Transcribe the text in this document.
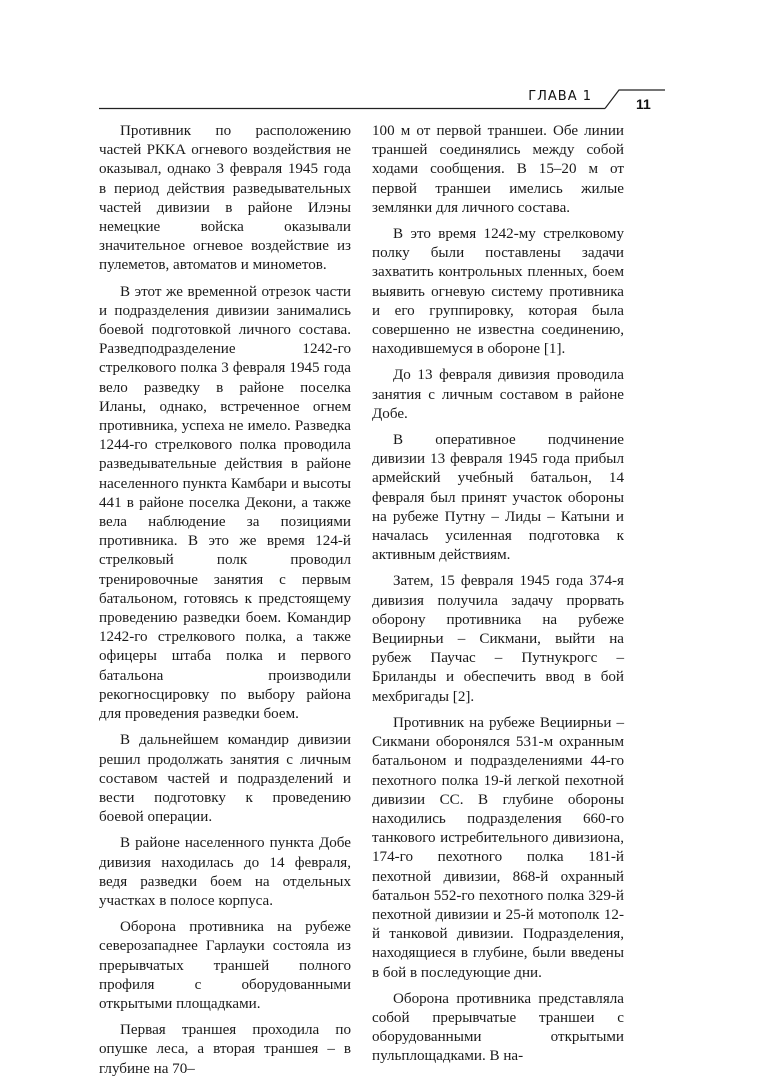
ГЛАВА 1	11

Противник по расположению частей РККА огневого воздействия не оказывал, однако 3 февраля 1945 года в период действия разведывательных частей дивизии в районе Илэны немецкие войска оказывали значительное огневое воздействие из пулеметов, автоматов и минометов.

В этот же временной отрезок части и подразделения дивизии занимались боевой подготовкой личного состава. Разведподразделение 1242-го стрелкового полка 3 февраля 1945 года вело разведку в районе поселка Иланы, однако, встреченное огнем противника, успеха не имело. Разведка 1244-го стрелкового полка проводила разведывательные действия в районе населенного пункта Камбари и высоты 441 в районе поселка Декони, а также вела наблюдение за позициями противника. В это же время 124-й стрелковый полк проводил тренировочные занятия с первым батальоном, готовясь к предстоящему проведению разведки боем. Командир 1242-го стрелкового полка, а также офицеры штаба полка и первого батальона производили рекогносцировку по выбору района для проведения разведки боем.

В дальнейшем командир дивизии решил продолжать занятия с личным составом частей и подразделений и вести подготовку к проведению боевой операции.

В районе населенного пункта Добе дивизия находилась до 14 февраля, ведя разведки боем на отдельных участках в полосе корпуса.

Оборона противника на рубеже северозападнее Гарлауки состояла из прерывчатых траншей полного профиля с оборудованными открытыми площадками.

Первая траншея проходила по опушке леса, а вторая траншея – в глубине на 70–

100 м от первой траншеи. Обе линии траншей соединялись между собой ходами сообщения. В 15–20 м от первой траншеи имелись жилые землянки для личного состава.

В это время 1242-му стрелковому полку были поставлены задачи захватить контрольных пленных, боем выявить огневую систему противника и его группировку, которая была совершенно не известна соединению, находившемуся в обороне [1].

До 13 февраля дивизия проводила занятия с личным составом в районе Добе.

В оперативное подчинение дивизии 13 февраля 1945 года прибыл армейский учебный батальон, 14 февраля был принят участок обороны на рубеже Путну – Лиды – Катыни и началась усиленная подготовка к активным действиям.

Затем, 15 февраля 1945 года 374-я дивизия получила задачу прорвать оборону противника на рубеже Вециирньи – Сикмани, выйти на рубеж Паучас – Путнукрогс – Бриланды и обеспечить ввод в бой мехбригады [2].

Противник на рубеже Вециирньи – Сикмани оборонялся 531-м охранным батальоном и подразделениями 44-го пехотного полка 19-й легкой пехотной дивизии СС. В глубине обороны находились подразделения 660-го танкового истребительного дивизиона, 174-го пехотного полка 181-й пехотной дивизии, 868-й охранный батальон 552-го пехотного полка 329-й пехотной дивизии и 25-й мотополк 12-й танковой дивизии. Подразделения, находящиеся в глубине, были введены в бой в последующие дни.

Оборона противника представляла собой прерывчатые траншеи с оборудованными открытыми пульплощадками. В на-
